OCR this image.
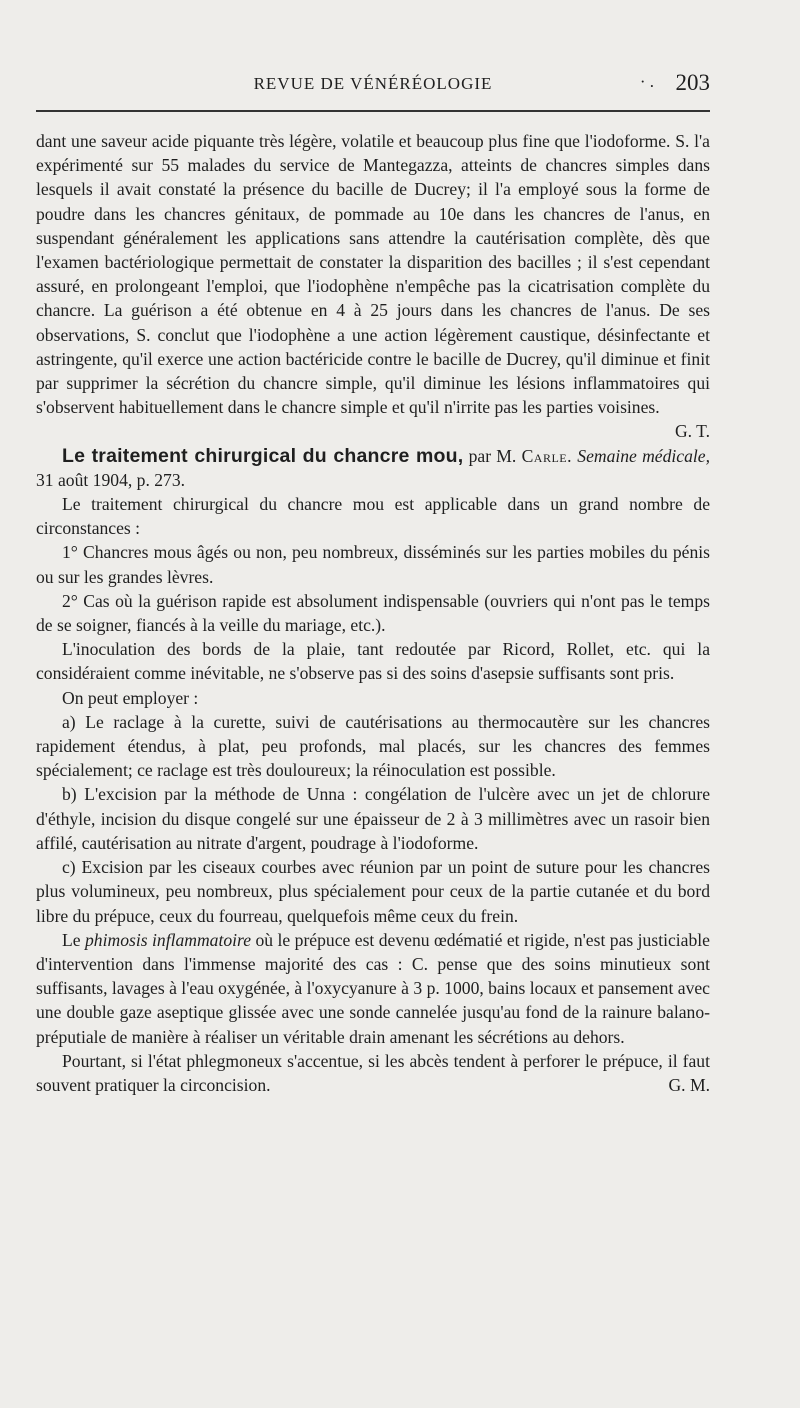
REVUE DE VÉNÉRÉOLOGIE	· . 203

dant une saveur acide piquante très légère, volatile et beaucoup plus fine que l'iodoforme. S. l'a expérimenté sur 55 malades du service de Mantegazza, atteints de chancres simples dans lesquels il avait constaté la présence du bacille de Ducrey; il l'a employé sous la forme de poudre dans les chancres génitaux, de pommade au 10e dans les chancres de l'anus, en suspendant généralement les applications sans attendre la cautérisation complète, dès que l'examen bactériologique permettait de constater la disparition des bacilles ; il s'est cependant assuré, en prolongeant l'emploi, que l'iodophène n'empêche pas la cicatrisation complète du chancre. La guérison a été obtenue en 4 à 25 jours dans les chancres de l'anus. De ses observations, S. conclut que l'iodophène a une action légèrement caustique, désinfectante et astringente, qu'il exerce une action bactéricide contre le bacille de Ducrey, qu'il diminue et finit par supprimer la sécrétion du chancre simple, qu'il diminue les lésions inflammatoires qui s'observent habituellement dans le chancre simple et qu'il n'irrite pas les parties voisines.
G. T.

Le traitement chirurgical du chancre mou, par M. Carle. Semaine médicale, 31 août 1904, p. 273.

Le traitement chirurgical du chancre mou est applicable dans un grand nombre de circonstances :

1° Chancres mous âgés ou non, peu nombreux, disséminés sur les parties mobiles du pénis ou sur les grandes lèvres.

2° Cas où la guérison rapide est absolument indispensable (ouvriers qui n'ont pas le temps de se soigner, fiancés à la veille du mariage, etc.).

L'inoculation des bords de la plaie, tant redoutée par Ricord, Rollet, etc. qui la considéraient comme inévitable, ne s'observe pas si des soins d'asepsie suffisants sont pris.

On peut employer :

a) Le raclage à la curette, suivi de cautérisations au thermocautère sur les chancres rapidement étendus, à plat, peu profonds, mal placés, sur les chancres des femmes spécialement; ce raclage est très douloureux; la réinoculation est possible.

b) L'excision par la méthode de Unna : congélation de l'ulcère avec un jet de chlorure d'éthyle, incision du disque congelé sur une épaisseur de 2 à 3 millimètres avec un rasoir bien affilé, cautérisation au nitrate d'argent, poudrage à l'iodoforme.

c) Excision par les ciseaux courbes avec réunion par un point de suture pour les chancres plus volumineux, peu nombreux, plus spécialement pour ceux de la partie cutanée et du bord libre du prépuce, ceux du fourreau, quelquefois même ceux du frein.

Le phimosis inflammatoire où le prépuce est devenu œdématié et rigide, n'est pas justiciable d'intervention dans l'immense majorité des cas : C. pense que des soins minutieux sont suffisants, lavages à l'eau oxygénée, à l'oxycyanure à 3 p. 1000, bains locaux et pansement avec une double gaze aseptique glissée avec une sonde cannelée jusqu'au fond de la rainure balano-préputiale de manière à réaliser un véritable drain amenant les sécrétions au dehors.

Pourtant, si l'état phlegmoneux s'accentue, si les abcès tendent à perforer le prépuce, il faut souvent pratiquer la circoncision.	G. M.
